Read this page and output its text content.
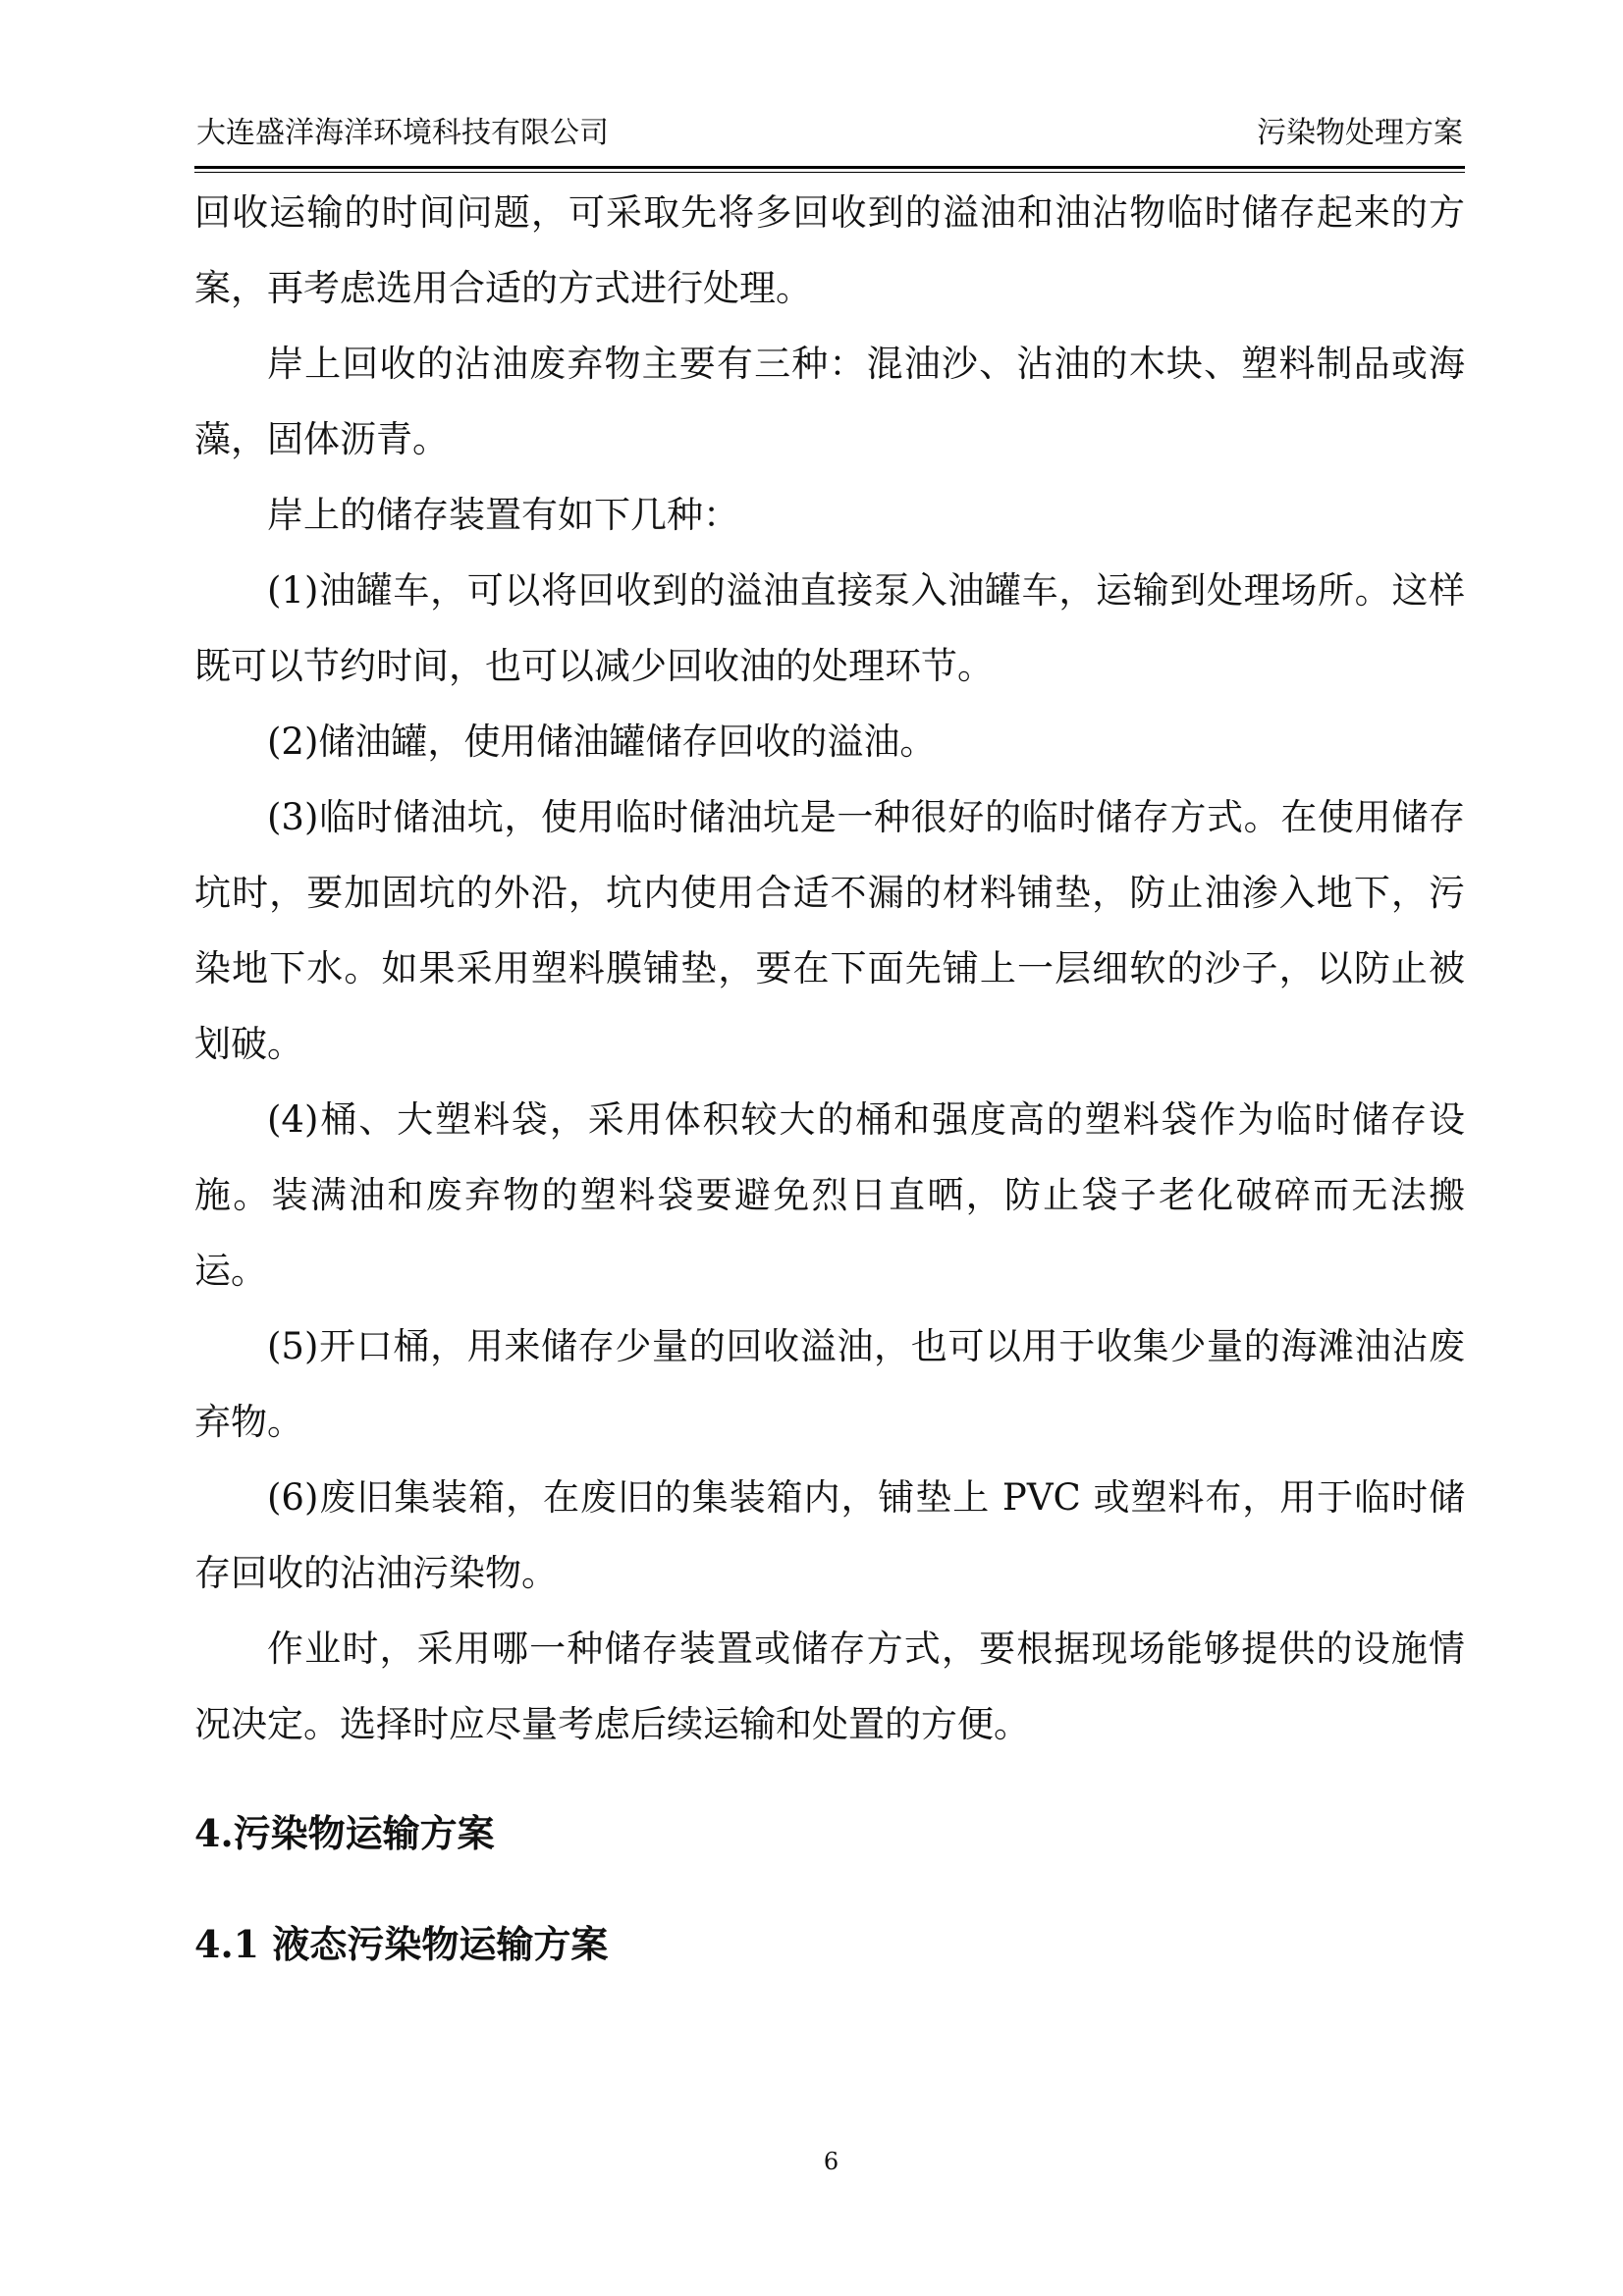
大连盛洋海洋环境科技有限公司	污染物处理方案

回收运输的时间问题，可采取先将多回收到的溢油和油沾物临时储存起来的方案，再考虑选用合适的方式进行处理。

岸上回收的沾油废弃物主要有三种：混油沙、沾油的木块、塑料制品或海藻，固体沥青。

岸上的储存装置有如下几种：

(1)油罐车，可以将回收到的溢油直接泵入油罐车，运输到处理场所。这样既可以节约时间，也可以减少回收油的处理环节。

(2)储油罐，使用储油罐储存回收的溢油。

(3)临时储油坑，使用临时储油坑是一种很好的临时储存方式。在使用储存坑时，要加固坑的外沿，坑内使用合适不漏的材料铺垫，防止油渗入地下，污染地下水。如果采用塑料膜铺垫，要在下面先铺上一层细软的沙子，以防止被划破。

(4)桶、大塑料袋，采用体积较大的桶和强度高的塑料袋作为临时储存设施。装满油和废弃物的塑料袋要避免烈日直晒，防止袋子老化破碎而无法搬运。

(5)开口桶，用来储存少量的回收溢油，也可以用于收集少量的海滩油沾废弃物。

(6)废旧集装箱，在废旧的集装箱内，铺垫上 PVC 或塑料布，用于临时储存回收的沾油污染物。

作业时，采用哪一种储存装置或储存方式，要根据现场能够提供的设施情况决定。选择时应尽量考虑后续运输和处置的方便。

4.污染物运输方案
4.1 液态污染物运输方案
6
